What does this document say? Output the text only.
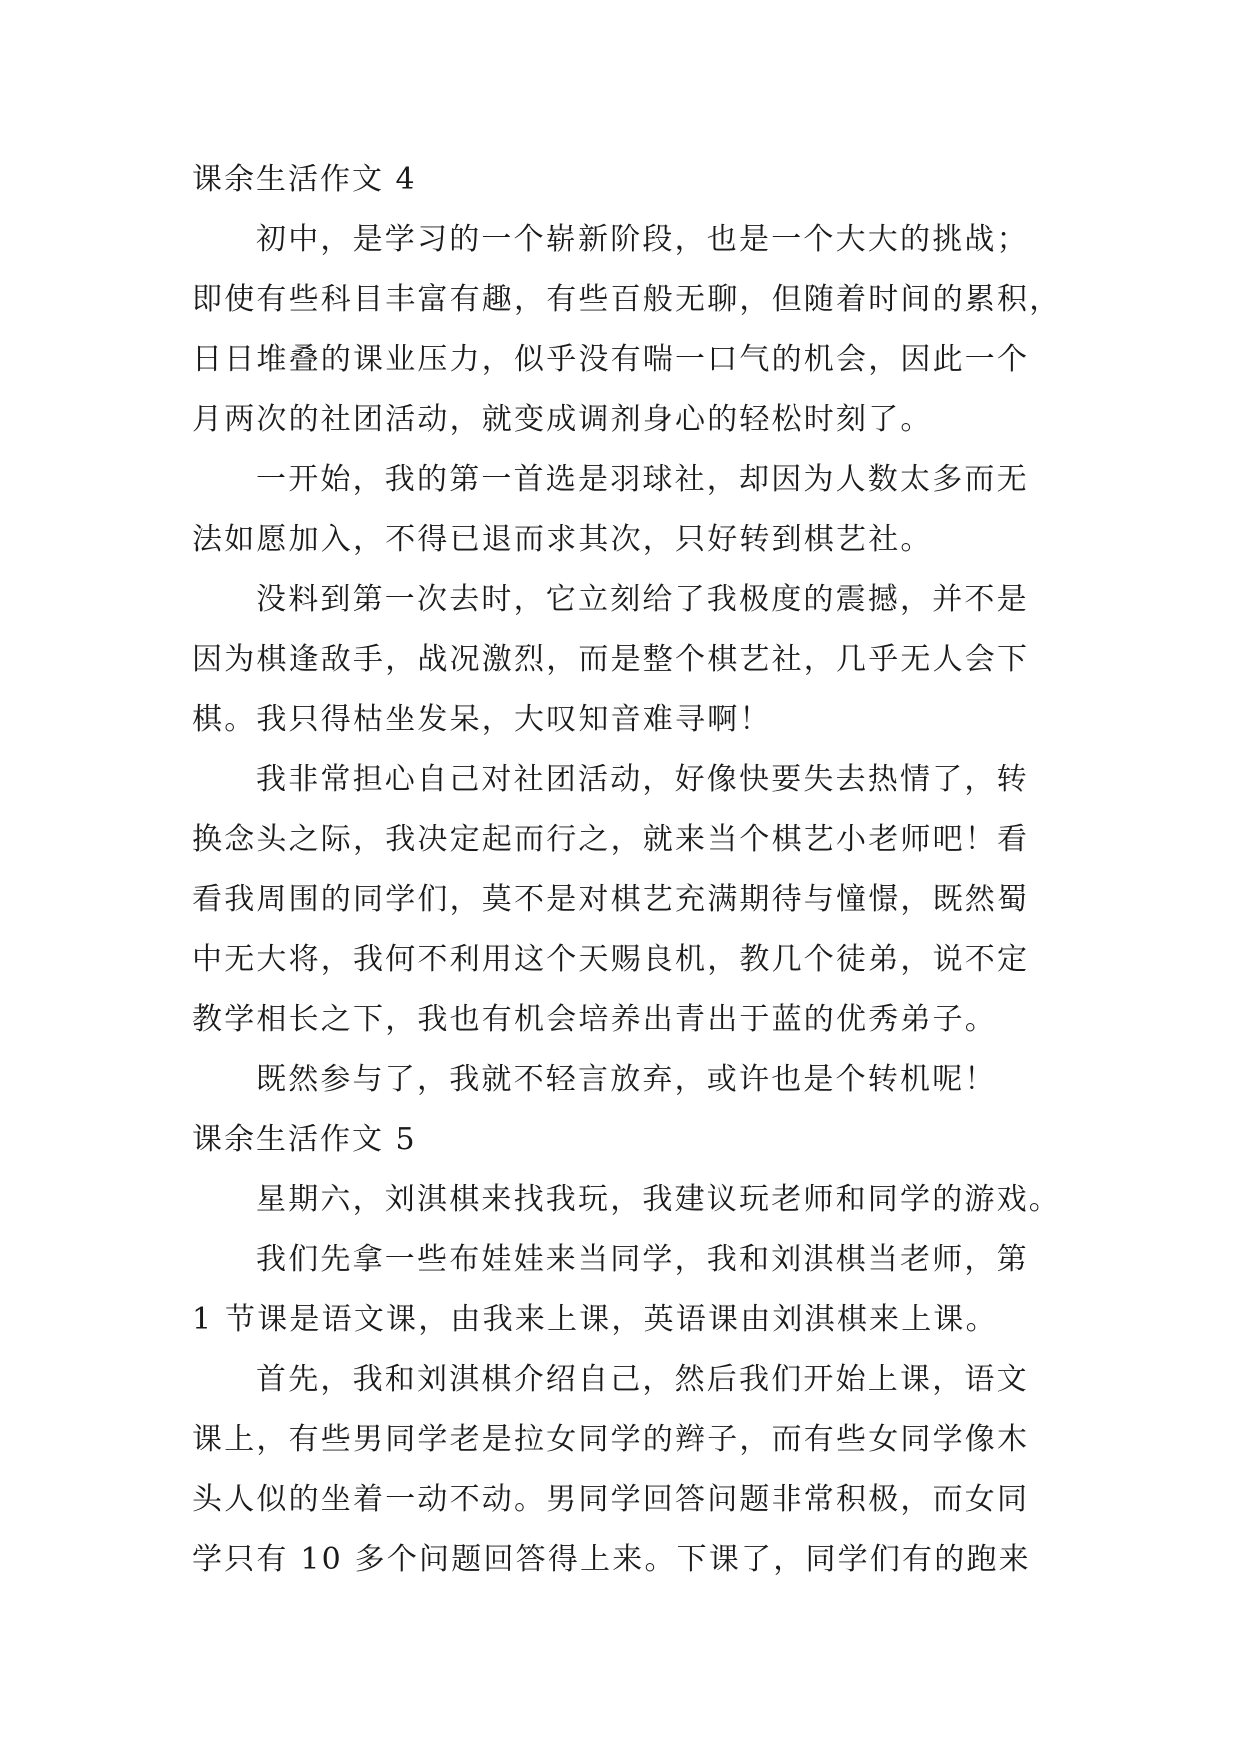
课余生活作文 4
初中，是学习的一个崭新阶段，也是一个大大的挑战；
即使有些科目丰富有趣，有些百般无聊，但随着时间的累积，
日日堆叠的课业压力，似乎没有喘一口气的机会，因此一个
月两次的社团活动，就变成调剂身心的轻松时刻了。
一开始，我的第一首选是羽球社，却因为人数太多而无
法如愿加入，不得已退而求其次，只好转到棋艺社。
没料到第一次去时，它立刻给了我极度的震撼，并不是
因为棋逢敌手，战况激烈，而是整个棋艺社，几乎无人会下
棋。我只得枯坐发呆，大叹知音难寻啊！
我非常担心自己对社团活动，好像快要失去热情了，转
换念头之际，我决定起而行之，就来当个棋艺小老师吧！看
看我周围的同学们，莫不是对棋艺充满期待与憧憬，既然蜀
中无大将，我何不利用这个天赐良机，教几个徒弟，说不定
教学相长之下，我也有机会培养出青出于蓝的优秀弟子。
既然参与了，我就不轻言放弃，或许也是个转机呢！
课余生活作文 5
星期六，刘淇棋来找我玩，我建议玩老师和同学的游戏。
我们先拿一些布娃娃来当同学，我和刘淇棋当老师，第
1 节课是语文课，由我来上课，英语课由刘淇棋来上课。
首先，我和刘淇棋介绍自己，然后我们开始上课，语文
课上，有些男同学老是拉女同学的辫子，而有些女同学像木
头人似的坐着一动不动。男同学回答问题非常积极，而女同
学只有 10 多个问题回答得上来。下课了，同学们有的跑来
